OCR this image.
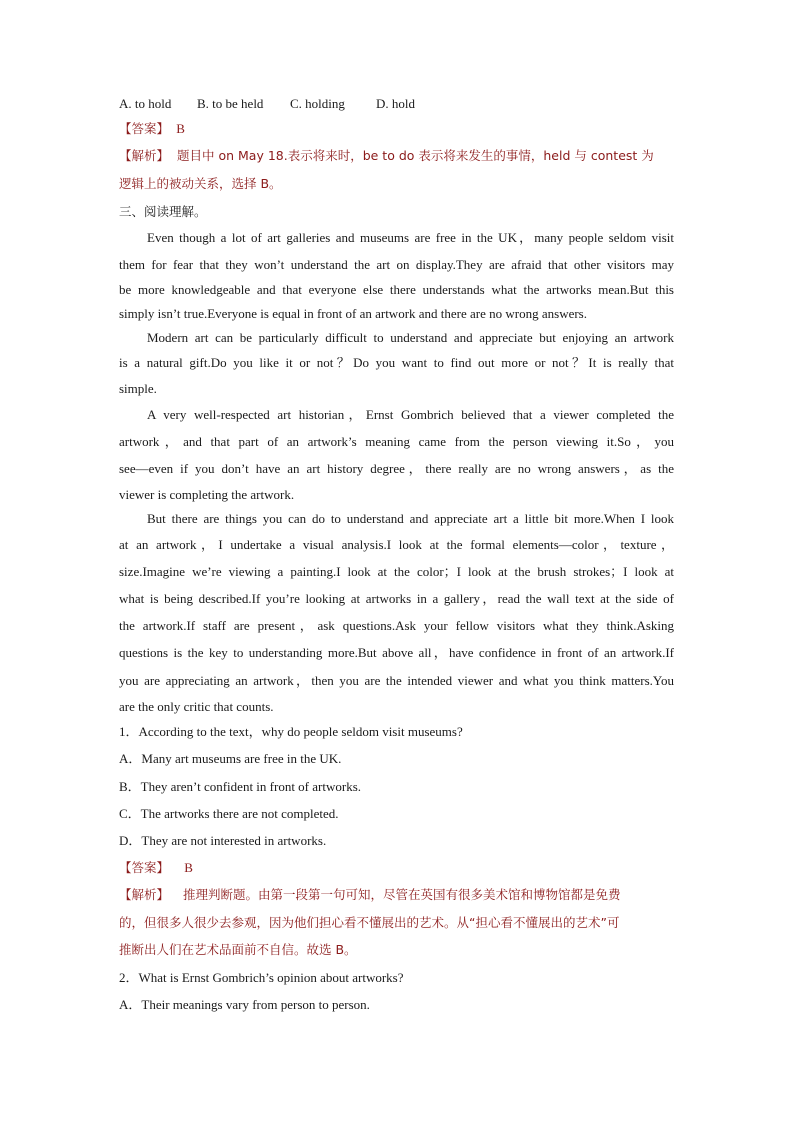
A. to hold B. to be held C. holding D. hold
【答案】 B
【解析】 题目中 on May 18.表示将来时，be to do 表示将来发生的事情，held 与 contest 为
逻辑上的被动关系，选择 B。
三、阅读理解。
Even though a lot of art galleries and museums are free in the UK，many people seldom visit
them for fear that they won’t understand the art on display.They are afraid that other visitors may
be more knowledgeable and that everyone else there understands what the artworks mean.But this
simply isn’t true.Everyone is equal in front of an artwork and there are no wrong answers.
Modern art can be particularly difficult to understand and appreciate but enjoying an artwork
is a natural gift.Do you like it or not？Do you want to find out more or not？It is really that
simple.
A very well-respected art historian，Ernst Gombrich believed that a viewer completed the
artwork，and that part of an artwork’s meaning came from the person viewing it.So，you
see—even if you don’t have an art history degree，there really are no wrong answers，as the
viewer is completing the artwork.
But there are things you can do to understand and appreciate art a little bit more.When I look
at an artwork，I undertake a visual analysis.I look at the formal elements—color，texture，
size.Imagine we’re viewing a painting.I look at the color；I look at the brush strokes；I look at
what is being described.If you’re looking at artworks in a gallery，read the wall text at the side of
the artwork.If staff are present，ask questions.Ask your fellow visitors what they think.Asking
questions is the key to understanding more.But above all，have confidence in front of an artwork.If
you are appreciating an artwork，then you are the intended viewer and what you think matters.You
are the only critic that counts.
1．According to the text，why do people seldom visit museums?
A．Many art museums are free in the UK.
B．They aren’t confident in front of artworks.
C．The artworks there are not completed.
D．They are not interested in artworks.
【答案】 B
【解析】 推理判断题。由第一段第一句可知，尽管在英国有很多美术馆和博物馆都是免费
的，但很多人很少去参观，因为他们担心看不懂展出的艺术。从“担心看不懂展出的艺术”可
推断出人们在艺术品面前不自信。故选 B。
2．What is Ernst Gombrich’s opinion about artworks?
A．Their meanings vary from person to person.
